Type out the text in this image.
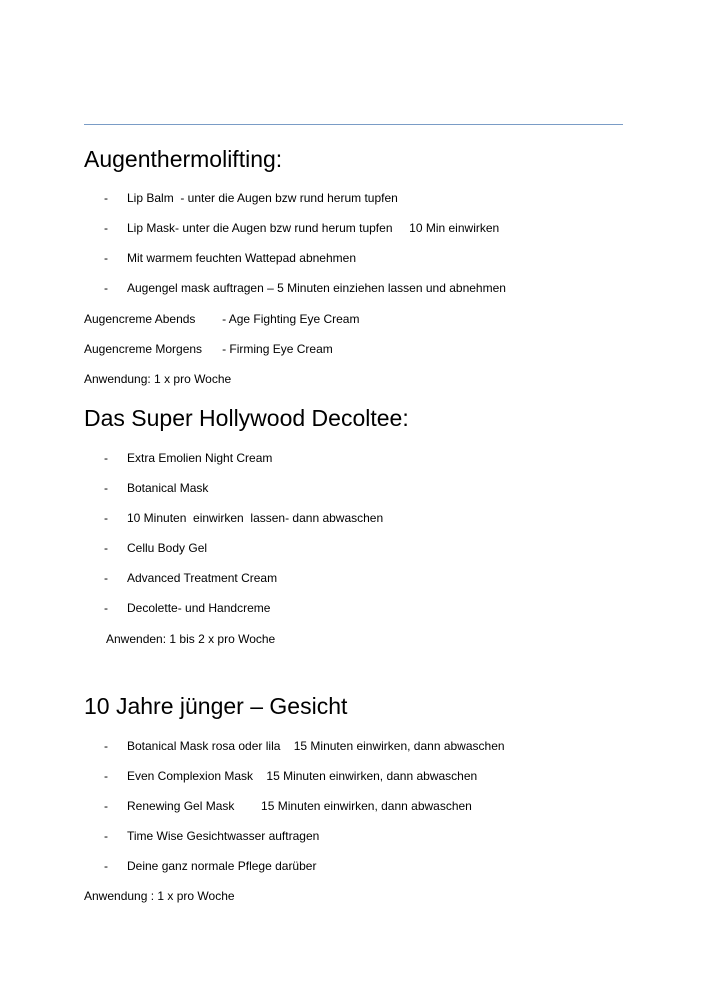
Augenthermolifting:
- Lip Balm  - unter die Augen bzw rund herum tupfen
- Lip Mask- unter die Augen bzw rund herum tupfen     10 Min einwirken
- Mit warmem feuchten Wattepad abnehmen
- Augengel mask auftragen – 5 Minuten einziehen lassen und abnehmen
Augencreme Abends        - Age Fighting Eye Cream
Augencreme Morgens      - Firming Eye Cream
Anwendung: 1 x pro Woche
Das Super Hollywood Decoltee:
- Extra Emolien Night Cream
- Botanical Mask
- 10 Minuten  einwirken  lassen- dann abwaschen
- Cellu Body Gel
- Advanced Treatment Cream
- Decolette- und Handcreme
Anwenden: 1 bis 2 x pro Woche
10 Jahre jünger – Gesicht
- Botanical Mask rosa oder lila    15 Minuten einwirken, dann abwaschen
- Even Complexion Mask    15 Minuten einwirken, dann abwaschen
- Renewing Gel Mask        15 Minuten einwirken, dann abwaschen
- Time Wise Gesichtwasser auftragen
- Deine ganz normale Pflege darüber
Anwendung : 1 x pro Woche
